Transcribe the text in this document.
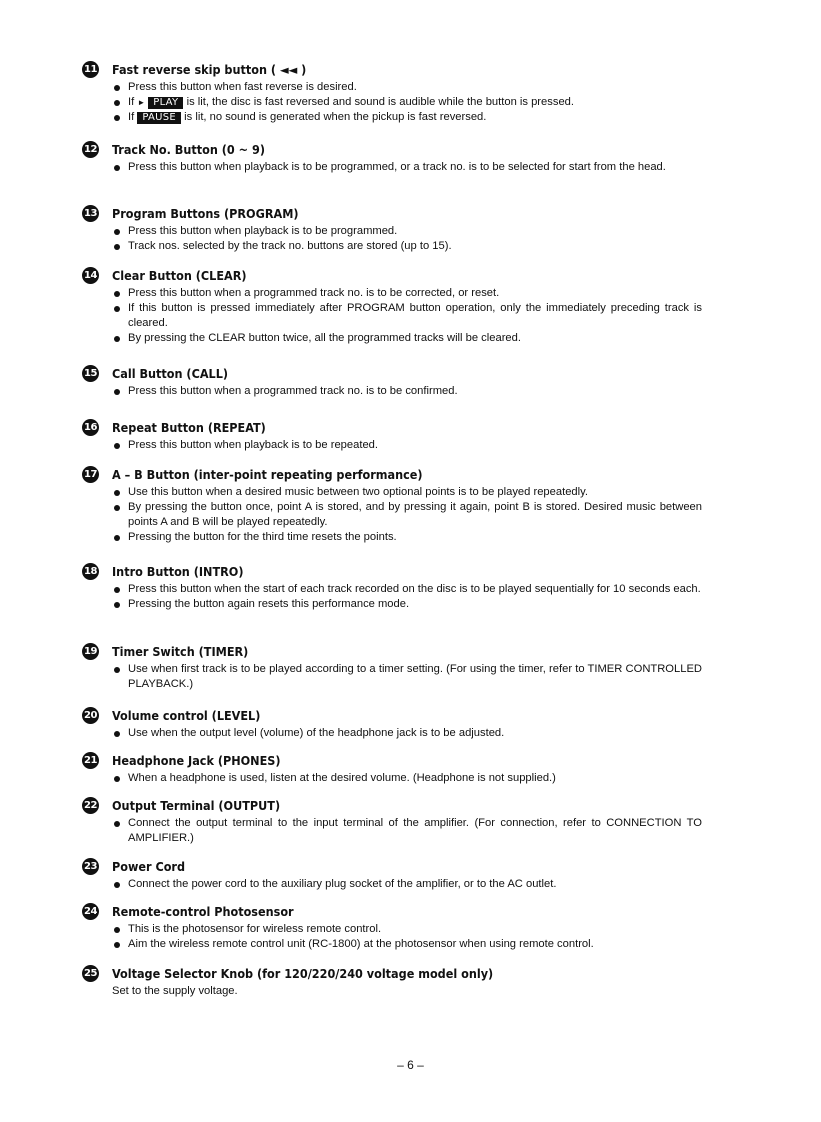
11 Fast reverse skip button ( ◄◄ )
Press this button when fast reverse is desired.
If ► PLAY is lit, the disc is fast reversed and sound is audible while the button is pressed.
If PAUSE is lit, no sound is generated when the pickup is fast reversed.
12 Track No. Button (0 ~ 9)
Press this button when playback is to be programmed, or a track no. is to be selected for start from the head.
13 Program Buttons (PROGRAM)
Press this button when playback is to be programmed.
Track nos. selected by the track no. buttons are stored (up to 15).
14 Clear Button (CLEAR)
Press this button when a programmed track no. is to be corrected, or reset.
If this button is pressed immediately after PROGRAM button operation, only the immediately preceding track is cleared.
By pressing the CLEAR button twice, all the programmed tracks will be cleared.
15 Call Button (CALL)
Press this button when a programmed track no. is to be confirmed.
16 Repeat Button (REPEAT)
Press this button when playback is to be repeated.
17 A – B Button (inter-point repeating performance)
Use this button when a desired music between two optional points is to be played repeatedly.
By pressing the button once, point A is stored, and by pressing it again, point B is stored. Desired music between points A and B will be played repeatedly.
Pressing the button for the third time resets the points.
18 Intro Button (INTRO)
Press this button when the start of each track recorded on the disc is to be played sequentially for 10 seconds each.
Pressing the button again resets this performance mode.
19 Timer Switch (TIMER)
Use when first track is to be played according to a timer setting. (For using the timer, refer to TIMER CONTROLLED PLAYBACK.)
20 Volume control (LEVEL)
Use when the output level (volume) of the headphone jack is to be adjusted.
21 Headphone Jack (PHONES)
When a headphone is used, listen at the desired volume. (Headphone is not supplied.)
22 Output Terminal (OUTPUT)
Connect the output terminal to the input terminal of the amplifier. (For connection, refer to CONNECTION TO AMPLIFIER.)
23 Power Cord
Connect the power cord to the auxiliary plug socket of the amplifier, or to the AC outlet.
24 Remote-control Photosensor
This is the photosensor for wireless remote control.
Aim the wireless remote control unit (RC-1800) at the photosensor when using remote control.
25 Voltage Selector Knob (for 120/220/240 voltage model only)
Set to the supply voltage.
– 6 –
